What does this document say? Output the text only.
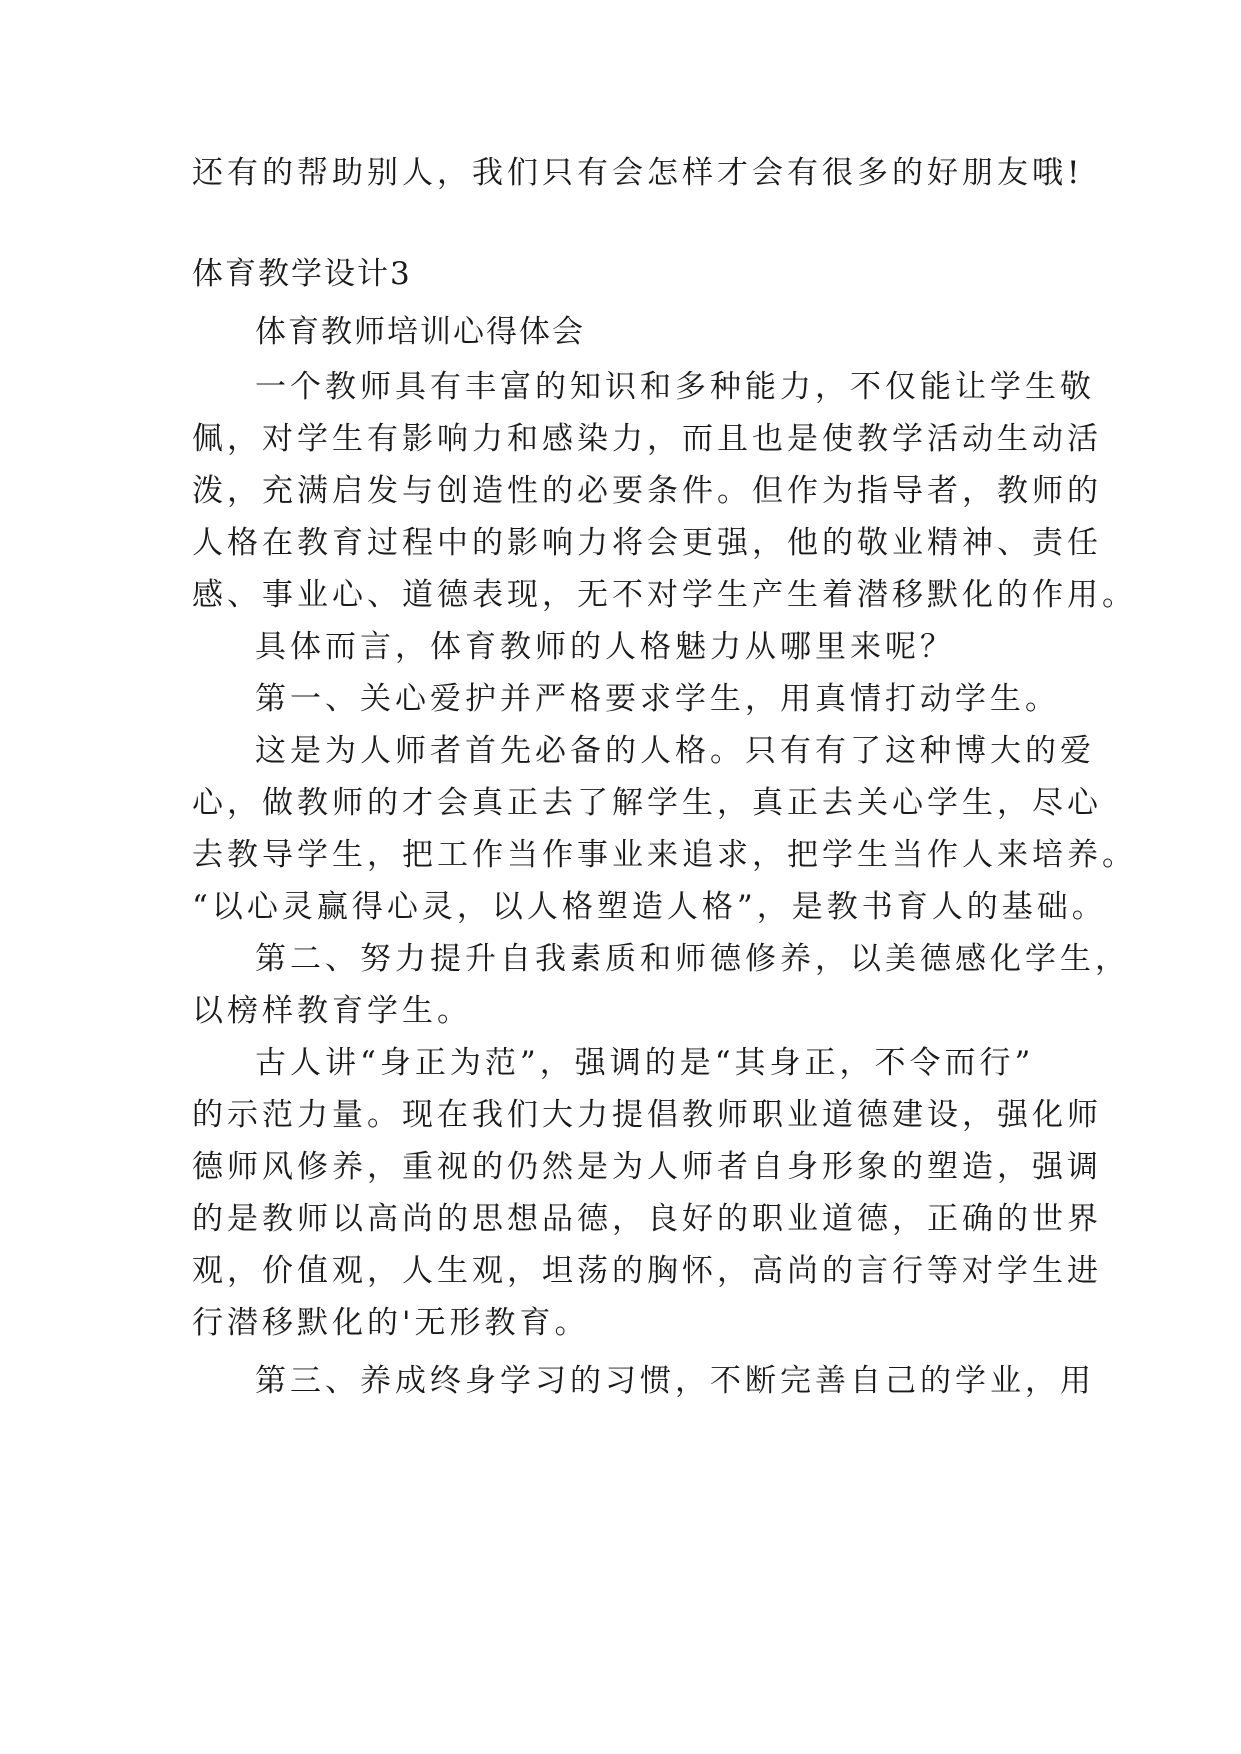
还有的帮助别人，我们只有会怎样才会有很多的好朋友哦!
体育教学设计3
体育教师培训心得体会
一个教师具有丰富的知识和多种能力，不仅能让学生敬
佩，对学生有影响力和感染力，而且也是使教学活动生动活
泼，充满启发与创造性的必要条件。但作为指导者，教师的
人格在教育过程中的影响力将会更强，他的敬业精神、责任
感、事业心、道德表现，无不对学生产生着潜移默化的作用。
具体而言，体育教师的人格魅力从哪里来呢？
第一、关心爱护并严格要求学生，用真情打动学生。
这是为人师者首先必备的人格。只有有了这种博大的爱
心，做教师的才会真正去了解学生，真正去关心学生，尽心
去教导学生，把工作当作事业来追求，把学生当作人来培养。
“以心灵赢得心灵，以人格塑造人格”，是教书育人的基础。
第二、努力提升自我素质和师德修养，以美德感化学生，
以榜样教育学生。
古人讲“身正为范”，强调的是“其身正，不令而行”
的示范力量。现在我们大力提倡教师职业道德建设，强化师
德师风修养，重视的仍然是为人师者自身形象的塑造，强调
的是教师以高尚的思想品德，良好的职业道德，正确的世界
观，价值观，人生观，坦荡的胸怀，高尚的言行等对学生进
行潜移默化的'无形教育。
第三、养成终身学习的习惯，不断完善自己的学业，用
